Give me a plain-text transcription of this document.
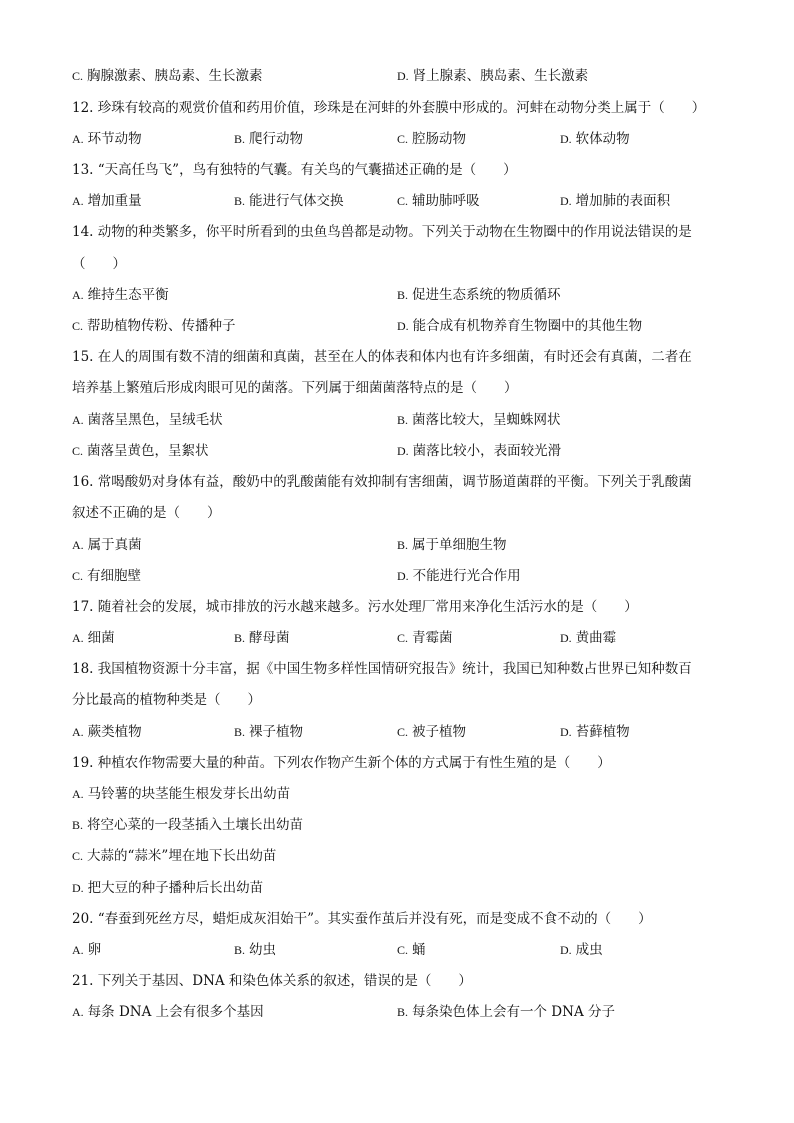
C. 胸腺激素、胰岛素、生长激素	D. 肾上腺素、胰岛素、生长激素
12. 珍珠有较高的观赏价值和药用价值，珍珠是在河蚌的外套膜中形成的。河蚌在动物分类上属于（　　）
A. 环节动物	B. 爬行动物	C. 腔肠动物	D. 软体动物
13. “天高任鸟飞”，鸟有独特的气囊。有关鸟的气囊描述正确的是（　　）
A. 增加重量	B. 能进行气体交换	C. 辅助肺呼吸	D. 增加肺的表面积
14. 动物的种类繁多，你平时所看到的虫鱼鸟兽都是动物。下列关于动物在生物圈中的作用说法错误的是
（　　）
A. 维持生态平衡	B. 促进生态系统的物质循环
C. 帮助植物传粉、传播种子	D. 能合成有机物养育生物圈中的其他生物
15. 在人的周围有数不清的细菌和真菌，甚至在人的体表和体内也有许多细菌，有时还会有真菌，二者在
培养基上繁殖后形成肉眼可见的菌落。下列属于细菌菌落特点的是（　　）
A. 菌落呈黑色，呈绒毛状	B. 菌落比较大，呈蜘蛛网状
C. 菌落呈黄色，呈絮状	D. 菌落比较小，表面较光滑
16. 常喝酸奶对身体有益，酸奶中的乳酸菌能有效抑制有害细菌，调节肠道菌群的平衡。下列关于乳酸菌
叙述不正确的是（　　）
A. 属于真菌	B. 属于单细胞生物
C. 有细胞壁	D. 不能进行光合作用
17. 随着社会的发展，城市排放的污水越来越多。污水处理厂常用来净化生活污水的是（　　）
A. 细菌	B. 酵母菌	C. 青霉菌	D. 黄曲霉
18. 我国植物资源十分丰富，据《中国生物多样性国情研究报告》统计，我国已知种数占世界已知种数百
分比最高的植物种类是（　　）
A. 蕨类植物	B. 裸子植物	C. 被子植物	D. 苔藓植物
19. 种植农作物需要大量的种苗。下列农作物产生新个体的方式属于有性生殖的是（　　）
A. 马铃薯的块茎能生根发芽长出幼苗
B. 将空心菜的一段茎插入土壤长出幼苗
C. 大蒜的“蒜米”埋在地下长出幼苗
D. 把大豆的种子播种后长出幼苗
20. “春蚕到死丝方尽，蜡炬成灰泪始干”。其实蚕作茧后并没有死，而是变成不食不动的（　　）
A. 卵	B. 幼虫	C. 蛹	D. 成虫
21. 下列关于基因、DNA 和染色体关系的叙述，错误的是（　　）
A. 每条 DNA 上会有很多个基因	B. 每条染色体上会有一个 DNA 分子
